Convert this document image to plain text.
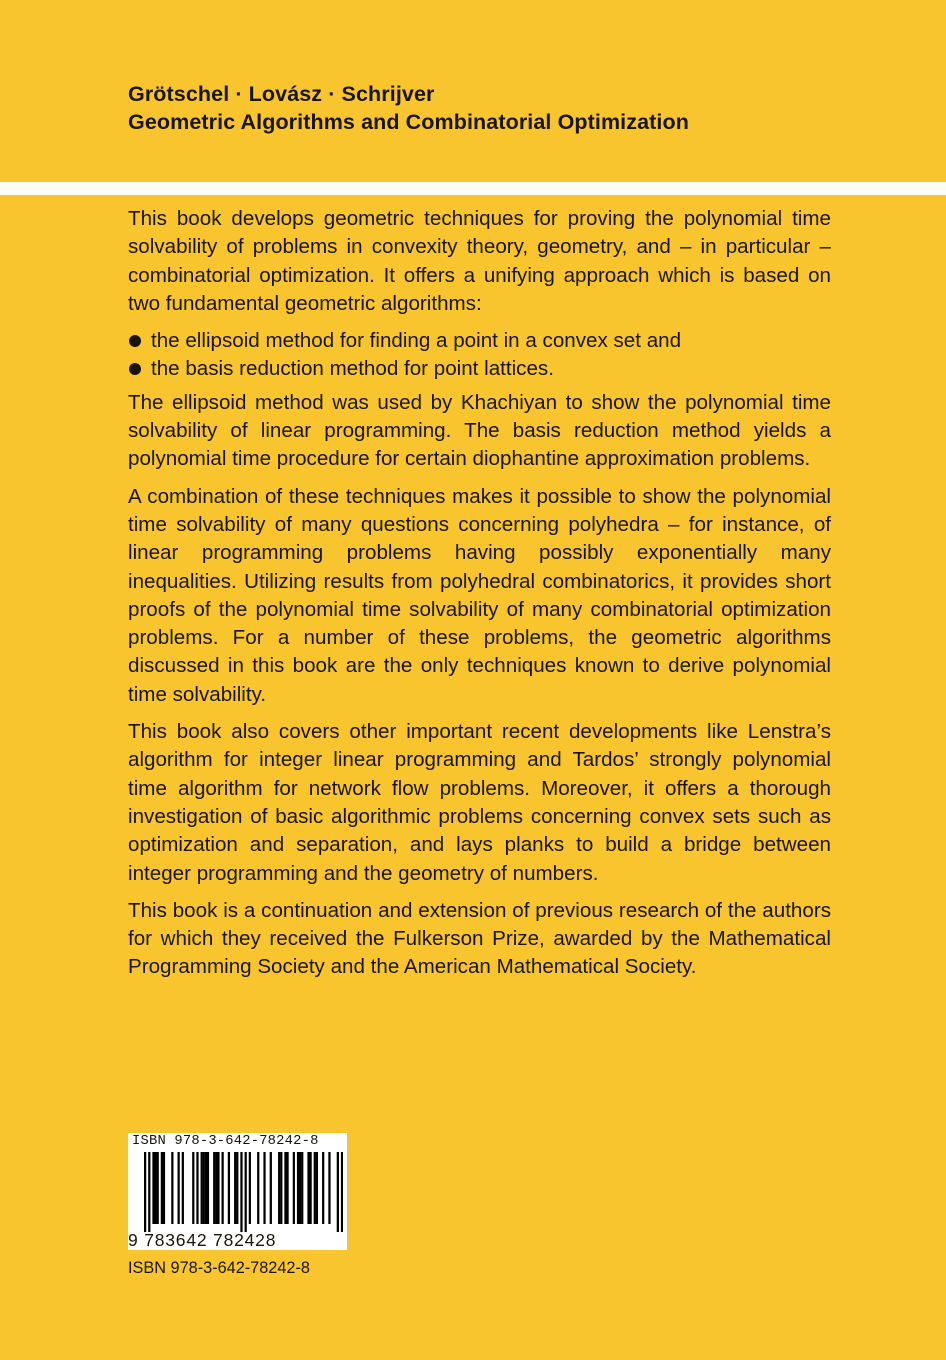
Grötschel · Lovász · Schrijver
Geometric Algorithms and Combinatorial Optimization

This book develops geometric techniques for proving the polynomial time solvability of problems in convexity theory, geometry, and – in particular – combinatorial optimization. It offers a unifying approach which is based on two fundamental geometric algorithms:

the ellipsoid method for finding a point in a convex set and
the basis reduction method for point lattices.

The ellipsoid method was used by Khachiyan to show the polynomial time solvability of linear programming. The basis reduction method yields a polynomial time procedure for certain diophantine approximation problems.

A combination of these techniques makes it possible to show the polynomial time solvability of many questions concerning polyhedra – for instance, of linear programming problems having possibly exponentially many inequalities. Utilizing results from polyhedral combinatorics, it provides short proofs of the polynomial time solvability of many combinatorial optimization problems. For a number of these problems, the geometric algorithms discussed in this book are the only techniques known to derive polynomial time solvability.

This book also covers other important recent developments like Lenstra’s algorithm for integer linear programming and Tardos’ strongly polynomial time algorithm for network flow problems. Moreover, it offers a thorough investigation of basic algorithmic problems concerning convex sets such as optimization and separation, and lays planks to build a bridge between integer programming and the geometry of numbers.

This book is a continuation and extension of previous research of the authors for which they received the Fulkerson Prize, awarded by the Mathematical Programming Society and the American Mathematical Society.

ISBN 978-3-642-78242-8
9 783642 782428
ISBN 978-3-642-78242-8
